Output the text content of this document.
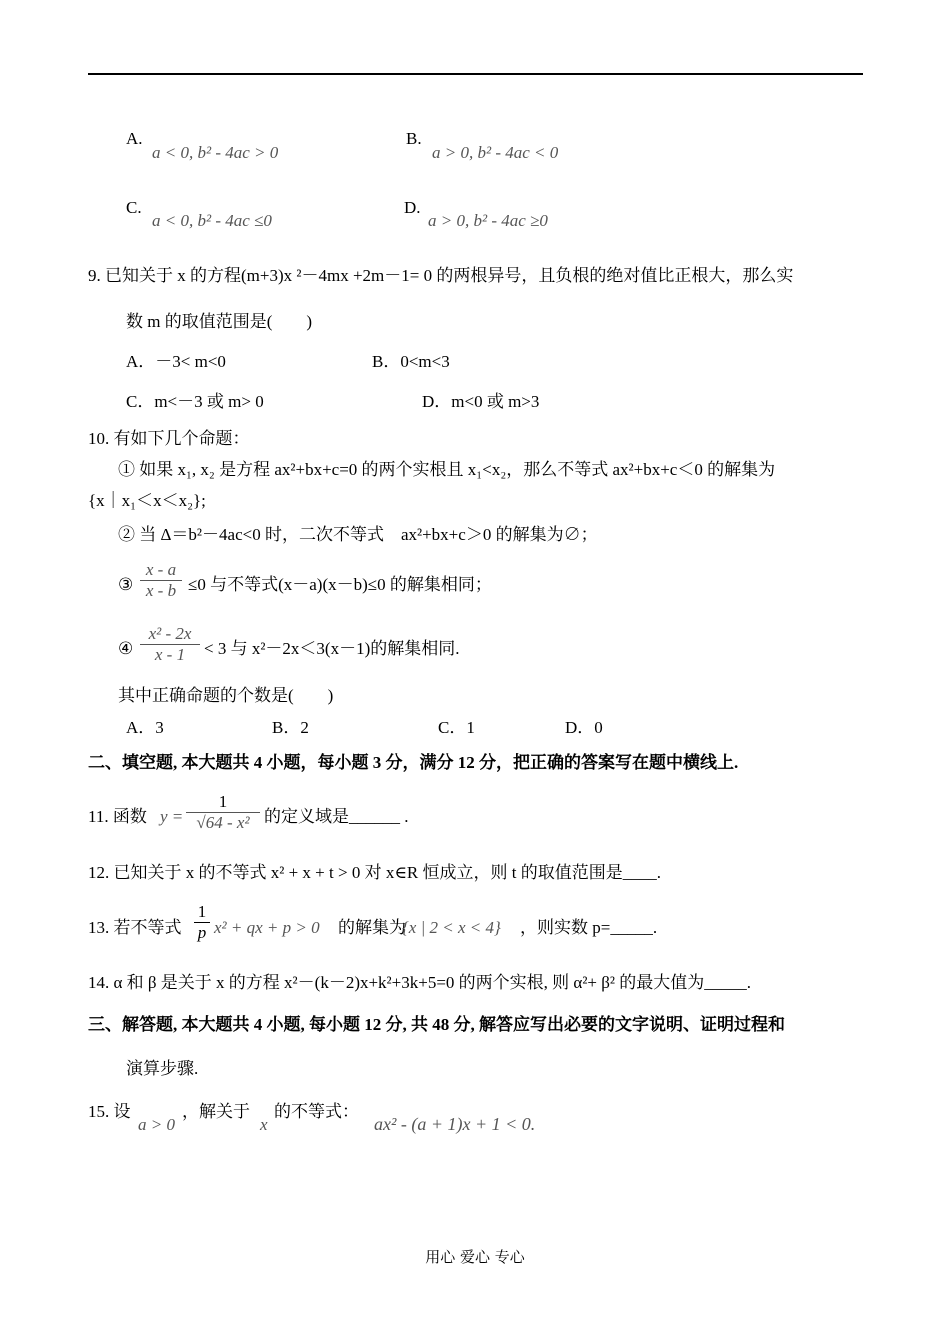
A.
a < 0, b² - 4ac > 0
B.
a > 0, b² - 4ac < 0
C.
a < 0, b² - 4ac ≤0
D.
a > 0, b² - 4ac ≥0
9. 已知关于 x 的方程(m+3)x ²－4mx +2m－1= 0 的两根异号，且负根的绝对值比正根大，那么实
数 m 的取值范围是(　　)
A．－3< m<0	B．0<m<3
C．m<－3 或 m> 0	D．m<0 或 m>3
10. 有如下几个命题：
① 如果 x₁, x₂ 是方程 ax²+bx+c=0 的两个实根且 x₁<x₂，那么不等式 ax²+bx+c＜0 的解集为
{x｜x₁＜x＜x₂};
② 当 Δ＝b²－4ac<0 时，二次不等式　ax²+bx+c＞0 的解集为∅；
③
x - a
x - b ≤0 与不等式(x－a)(x－b)≤0 的解集相同；
④
x² - 2x
x - 1	< 3 与 x²－2x＜3(x－1)的解集相同.
其中正确命题的个数是(　　)
A．3	B．2	C．1	D．0
二、填空题, 本大题共 4 小题，每小题 3 分，满分 12 分，把正确的答案写在题中横线上.
11. 函数 y =
1
√64 - x² 的定义域是______ .
12. 已知关于 x 的不等式 x² + x + t > 0 对 x∈R 恒成立，则 t 的取值范围是____.
13. 若不等式
1
p x² + qx + p > 0 的解集为
{x | 2 < x < 4} ，则实数 p=_____.
14. α 和 β 是关于 x 的方程 x²－(k－2)x+k²+3k+5=0 的两个实根, 则 α²+ β² 的最大值为_____.
三、解答题, 本大题共 4 小题, 每小题 12 分, 共 48 分, 解答应写出必要的文字说明、证明过程和
演算步骤.
15. 设
a > 0
，解关于
x
的不等式：
ax² - (a + 1)x + 1 < 0.
用心 爱心 专心
